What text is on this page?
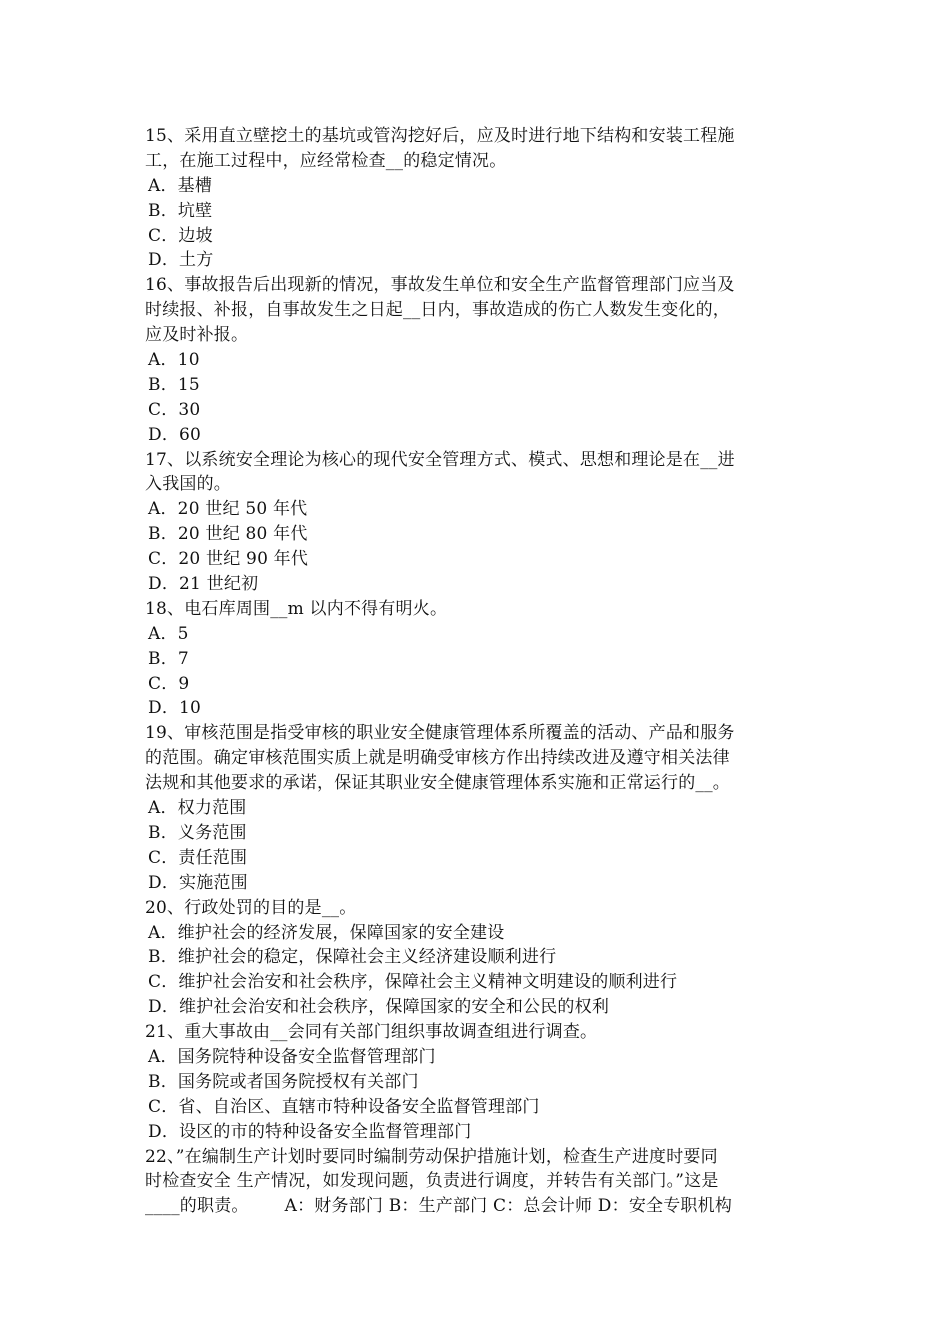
15、采用直立壁挖土的基坑或管沟挖好后，应及时进行地下结构和安装工程施
工，在施工过程中，应经常检查__的稳定情况。
A．基槽
B．坑壁
C．边坡
D．土方
16、事故报告后出现新的情况，事故发生单位和安全生产监督管理部门应当及
时续报、补报，自事故发生之日起__日内，事故造成的伤亡人数发生变化的，
应及时补报。
A．10
B．15
C．30
D．60
17、以系统安全理论为核心的现代安全管理方式、模式、思想和理论是在__进
入我国的。
A．20 世纪 50 年代
B．20 世纪 80 年代
C．20 世纪 90 年代
D．21 世纪初
18、电石库周围__m 以内不得有明火。
A．5
B．7
C．9
D．10
19、审核范围是指受审核的职业安全健康管理体系所覆盖的活动、产品和服务
的范围。确定审核范围实质上就是明确受审核方作出持续改进及遵守相关法律
法规和其他要求的承诺，保证其职业安全健康管理体系实施和正常运行的__。
A．权力范围
B．义务范围
C．责任范围
D．实施范围
20、行政处罚的目的是__。
A．维护社会的经济发展，保障国家的安全建设
B．维护社会的稳定，保障社会主义经济建设顺利进行
C．维护社会治安和社会秩序，保障社会主义精神文明建设的顺利进行
D．维护社会治安和社会秩序，保障国家的安全和公民的权利
21、重大事故由__会同有关部门组织事故调查组进行调查。
A．国务院特种设备安全监督管理部门
B．国务院或者国务院授权有关部门
C．省、自治区、直辖市特种设备安全监督管理部门
D．设区的市的特种设备安全监督管理部门
22、”在编制生产计划时要同时编制劳动保护措施计划，检查生产进度时要同
时检查安全 生产情况，如发现问题，负责进行调度，并转告有关部门。”这是
____的职责。 A：财务部门 B：生产部门 C：总会计师 D：安全专职机构
